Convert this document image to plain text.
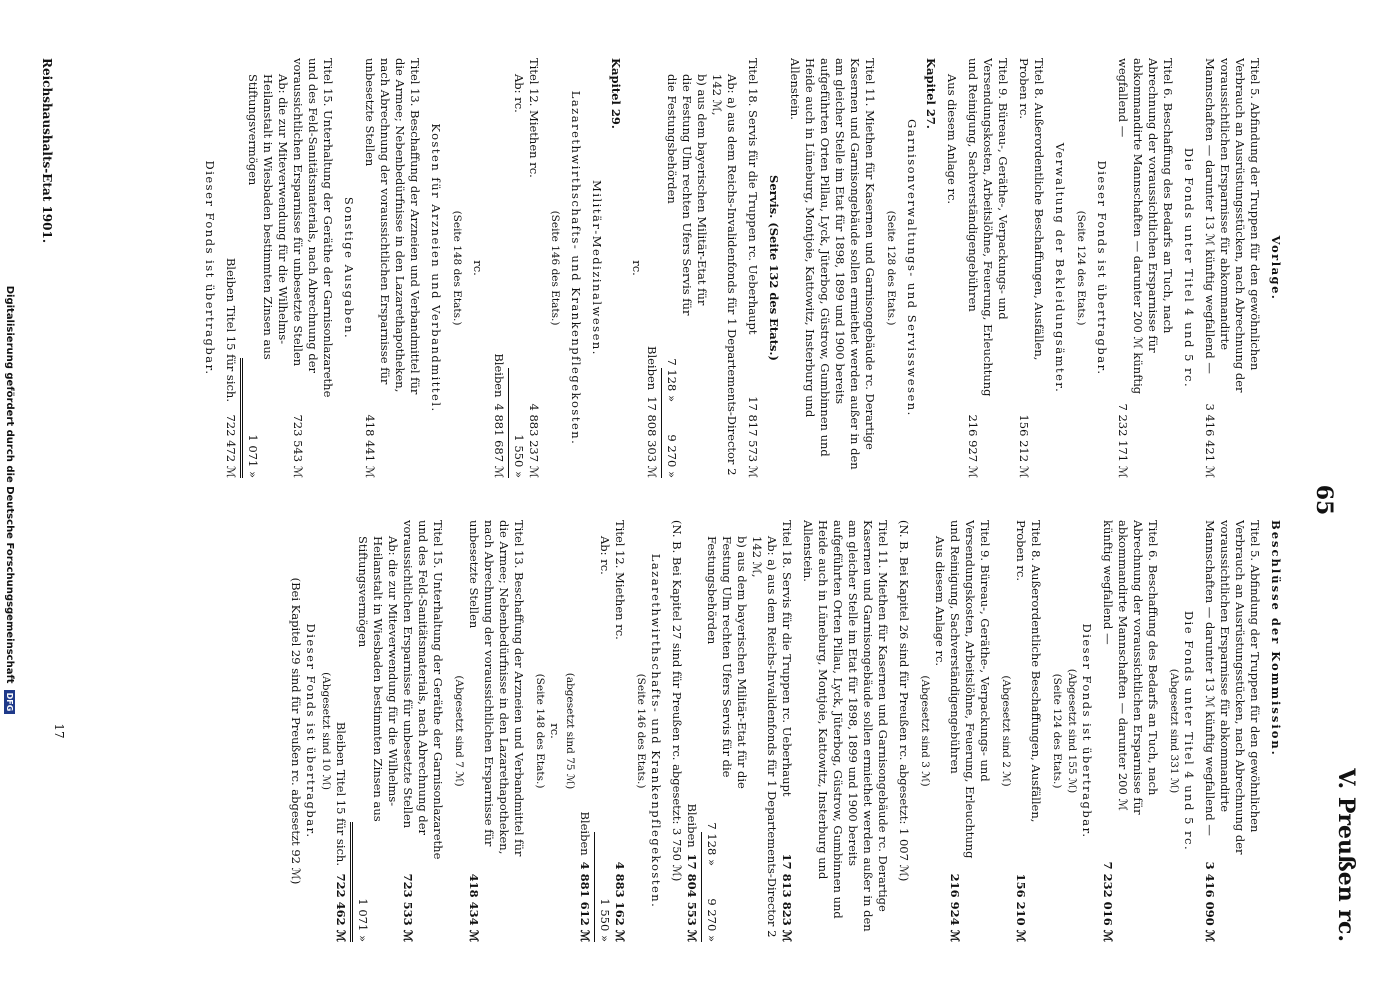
65
V. Preußen rc.
Vorlage.
Titel 5. Abfindung der Truppen für den gewöhnlichen Verbrauch an Ausrüstungsstücken, nach Abrechnung der voraussichtlichen Ersparnisse für abkommandirte Mannschaften — darunter 13 ℳ künftig wegfallend —
3 416 421 ℳ
Die Fonds unter Titel 4 und 5 rc.
Titel 6. Beschaffung des Bedarfs an Tuch, nach Abrechnung der voraussichtlichen Ersparnisse für abkommandirte Mannschaften — darunter 200 ℳ künftig wegfallend —
7 232 171 ℳ
Dieser Fonds ist übertragbar.
(Seite 124 des Etats.)
Verwaltung der Bekleidungsämter.
Titel 8. Außerordentliche Beschaffungen, Ausfällen, Proben rc.
156 212 ℳ
Titel 9. Büreau-, Geräthe-, Verpackungs- und Versendungskosten, Arbeitslöhne, Feuerung, Erleuchtung und Reinigung, Sachverständigengebühren
216 927 ℳ
Aus diesem Anlage rc.
Kapitel 27.
Garnisonverwaltungs- und Servisswesen.
(Seite 128 des Etats.)
Titel 11. Miethen für Kasernen und Garnisongebäude rc. Derartige Kasernen und Garnisongebäude sollen ermiethet werden außer in den am gleicher Stelle im Etat für 1898, 1899 und 1900 bereits aufgeführten Orten Pillau, Lyck, Jüterbog, Güstrow, Gumbinnen und Heide auch in Lüneburg, Montjoie, Kattowitz, Insterburg und Allenstein.
Servis. (Seite 132 des Etats.)
Titel 18. Servis für die Truppen rc. Ueberhaupt
17 817 573 ℳ
Ab: a) aus dem Reichs-Invalidenfonds für 1 Departements-Director 2 142 ℳ,
b) aus dem bayerischen Militär-Etat für die Festung Ulm rechten Ufers Servis für die Festungsbehörden
7 128 »
9 270 »
Bleiben
17 808 303 ℳ
rc.
Kapitel 29.
Militär-Medizinalwesen.
Lazarethwirthschafts- und Krankenpflegekosten.
(Seite 146 des Etats.)
Titel 12. Miethen rc.
4 883 237 ℳ
Ab: rc.
1 550 »
Bleiben
4 881 687 ℳ
rc.
(Seite 148 des Etats.)
Kosten für Arzneien und Verbandmittel.
Titel 13. Beschaffung der Arzneien und Verbandmittel für die Armee; Nebenbedürfnisse in den Lazarethapotheken, nach Abrechnung der voraussichtlichen Ersparnisse für unbesetzte Stellen
418 441 ℳ
Sonstige Ausgaben.
Titel 15. Unterhaltung der Geräthe der Garnisonlazarethe und des Feld-Sanitätsmaterials, nach Abrechnung der voraussichtlichen Ersparnisse für unbesetzte Stellen
723 543 ℳ
Ab: die zur Miteverwendung für die Wilhelms-Heilanstalt in Wiesbaden bestimmten Zinsen aus Stiftungsvermögen
1 071 »
Bleiben Titel 15 für sich.
722 472 ℳ
Dieser Fonds ist übertragbar.
Beschlüsse der Kommission.
Titel 5. Abfindung der Truppen für den gewöhnlichen Verbrauch an Ausrüstungsstücken, nach Abrechnung der voraussichtlichen Ersparnisse für abkommandirte Mannschaften — darunter 13 ℳ künftig wegfallend —
3 416 090 ℳ
Die Fonds unter Titel 4 und 5 rc.
(Abgesetzt sind 331 ℳ)
Titel 6. Beschaffung des Bedarfs an Tuch, nach Abrechnung der voraussichtlichen Ersparnisse für abkommandirte Mannschaften — darunter 200 ℳ künftig wegfallend —
7 232 016 ℳ
Dieser Fonds ist übertragbar.
(Abgesetzt sind 155 ℳ)
(Seite 124 des Etats.)
Titel 8. Außerordentliche Beschaffungen, Ausfällen, Proben rc.
156 210 ℳ
(Abgesetzt sind 2 ℳ)
Titel 9. Büreau-, Geräthe-, Verpackungs- und Versendungskosten, Arbeitslöhne, Feuerung, Erleuchtung und Reinigung, Sachverständigengebühren
216 924 ℳ
Aus diesem Anlage rc.
(Abgesetzt sind 3 ℳ)
(N. B. Bei Kapitel 26 sind für Preußen rc. abgesetzt: 1 007 ℳ)
Titel 11. Miethen für Kasernen und Garnisongebäude rc. Derartige Kasernen und Garnisongebäude sollen ermiethet werden außer in den am gleicher Stelle im Etat für 1898, 1899 und 1900 bereits aufgeführten Orten Pillau, Lyck, Jüterbog, Güstrow, Gumbinnen und Heide auch in Lüneburg, Montjoie, Kattowitz, Insterburg und Allenstein.
Titel 18. Servis für die Truppen rc. Ueberhaupt
17 813 823 ℳ
Ab: a) aus dem Reichs-Invalidenfonds für 1 Departements-Director 2 142 ℳ,
b) aus dem bayerischen Militär-Etat für die Festung Ulm rechten Ufers Servis für die Festungsbehörden
7 128 »
9 270 »
Bleiben
17 804 553 ℳ
(N. B. Bei Kapitel 27 sind für Preußen rc. abgesetzt: 3 750 ℳ)
Lazarethwirthschafts- und Krankenpflegekosten.
(Seite 146 des Etats.)
Titel 12. Miethen rc.
4 883 162 ℳ
Ab: rc.
1 550 »
Bleiben
4 881 612 ℳ
(abgesetzt sind 75 ℳ)
rc.
(Seite 148 des Etats.)
Titel 13. Beschaffung der Arzneien und Verbandmittel für die Armee; Nebenbedürfnisse in den Lazarethapotheken, nach Abrechnung der voraussichtlichen Ersparnisse für unbesetzte Stellen
418 434 ℳ
(Abgesetzt sind 7 ℳ)
Titel 15. Unterhaltung der Geräthe der Garnisonlazarethe und des Feld-Sanitätsmaterials, nach Abrechnung der voraussichtlichen Ersparnisse für unbesetzte Stellen
723 533 ℳ
Ab: die zur Miteverwendung für die Wilhelms-Heilanstalt in Wiesbaden bestimmten Zinsen aus Stiftungsvermögen
1 071 »
Bleiben Titel 15 für sich.
722 462 ℳ
(Abgesetzt sind 10 ℳ)
Dieser Fonds ist übertragbar.
(Bei Kapitel 29 sind für Preußen rc. abgesetzt 92 ℳ)
Reichshaushalts-Etat 1901.
17
Digitalisierung gefördert durch die Deutsche ForschungsgemeinschaftDFG
